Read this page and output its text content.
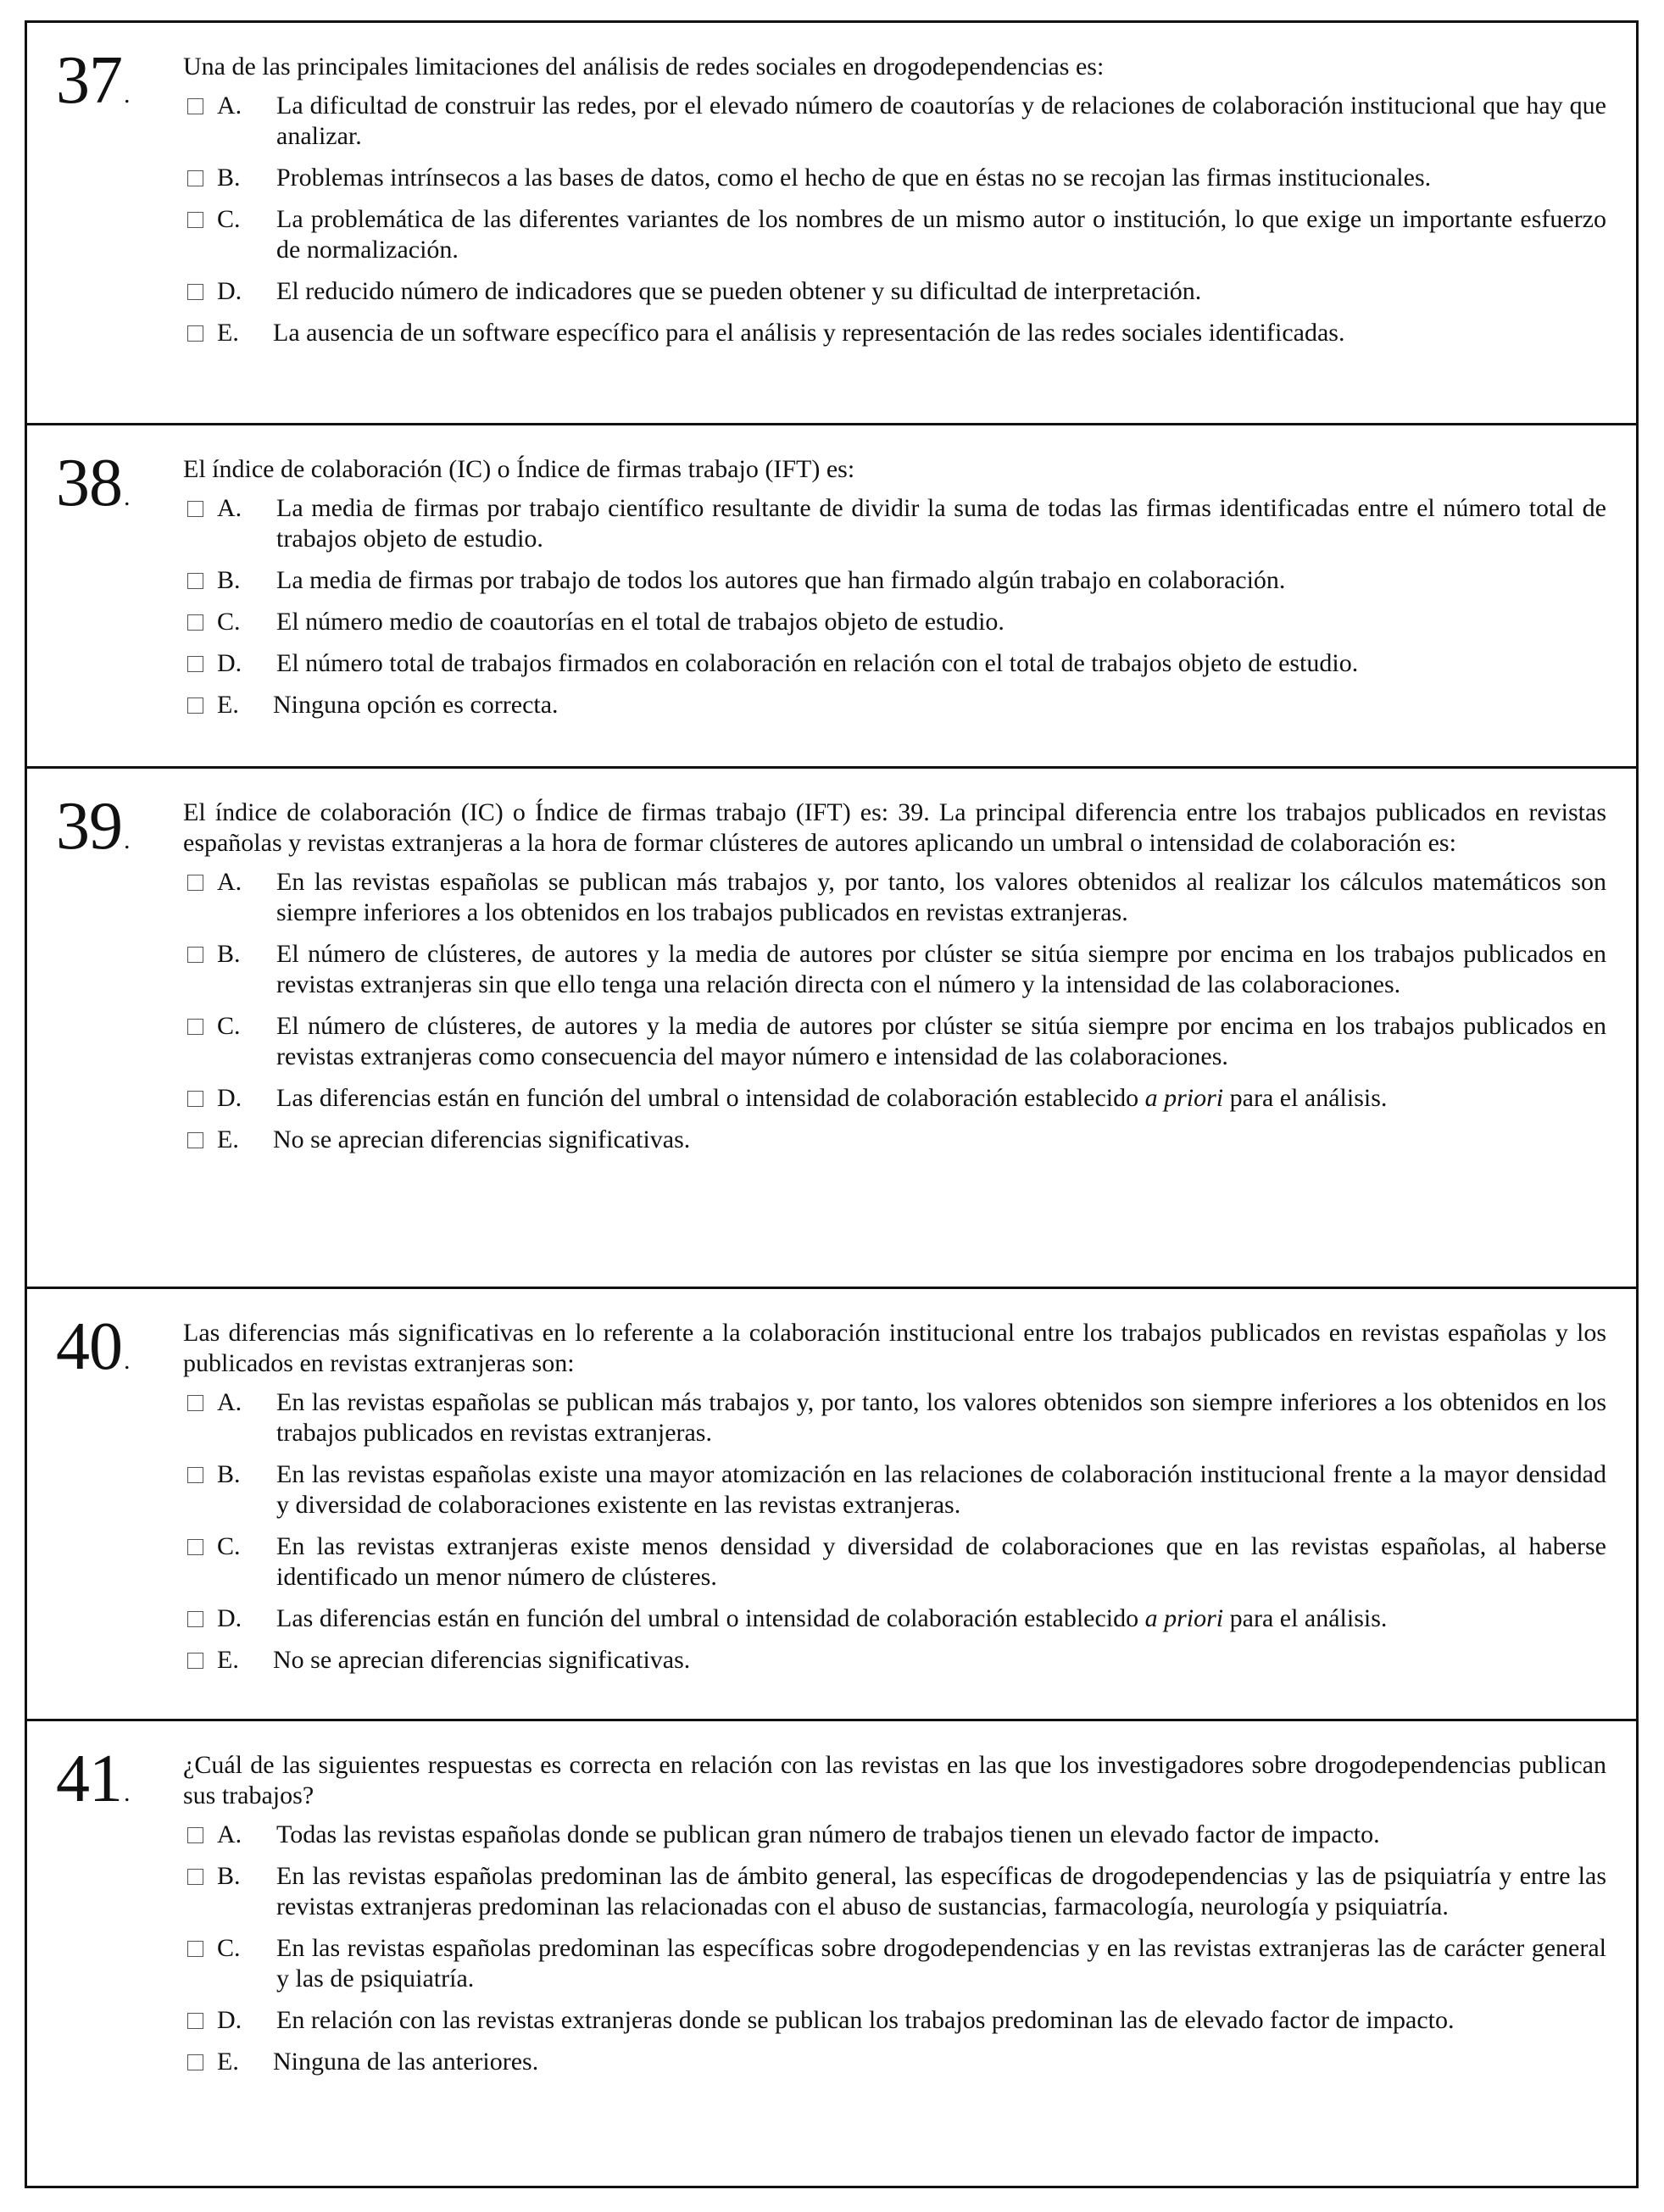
37.

Una de las principales limitaciones del análisis de redes sociales en drogodependencias es:

A. La dificultad de construir las redes, por el elevado número de coautorías y de relaciones de colaboración institucional que hay que analizar.
B. Problemas intrínsecos a las bases de datos, como el hecho de que en éstas no se recojan las firmas institucionales.
C. La problemática de las diferentes variantes de los nombres de un mismo autor o institución, lo que exige un importante esfuerzo de normalización.
D. El reducido número de indicadores que se pueden obtener y su dificultad de interpretación.
E. La ausencia de un software específico para el análisis y representación de las redes sociales identificadas.
38.

El índice de colaboración (IC) o Índice de firmas trabajo (IFT) es:

A. La media de firmas por trabajo científico resultante de dividir la suma de todas las firmas identificadas entre el número total de trabajos objeto de estudio.
B. La media de firmas por trabajo de todos los autores que han firmado algún trabajo en colaboración.
C. El número medio de coautorías en el total de trabajos objeto de estudio.
D. El número total de trabajos firmados en colaboración en relación con el total de trabajos objeto de estudio.
E. Ninguna opción es correcta.
39.

El índice de colaboración (IC) o Índice de firmas trabajo (IFT) es: 39. La principal diferencia entre los trabajos publicados en revistas españolas y revistas extranjeras a la hora de formar clústeres de autores aplicando un umbral o intensidad de colaboración es:

A. En las revistas españolas se publican más trabajos y, por tanto, los valores obtenidos al realizar los cálculos matemáticos son siempre inferiores a los obtenidos en los trabajos publicados en revistas extranjeras.
B. El número de clústeres, de autores y la media de autores por clúster se sitúa siempre por encima en los trabajos publicados en revistas extranjeras sin que ello tenga una relación directa con el número y la intensidad de las colaboraciones.
C. El número de clústeres, de autores y la media de autores por clúster se sitúa siempre por encima en los trabajos publicados en revistas extranjeras como consecuencia del mayor número e intensidad de las colaboraciones.
D. Las diferencias están en función del umbral o intensidad de colaboración establecido a priori para el análisis.
E. No se aprecian diferencias significativas.
40.

Las diferencias más significativas en lo referente a la colaboración institucional entre los trabajos publicados en revistas españolas y los publicados en revistas extranjeras son:

A. En las revistas españolas se publican más trabajos y, por tanto, los valores obtenidos son siempre inferiores a los obtenidos en los trabajos publicados en revistas extranjeras.
B. En las revistas españolas existe una mayor atomización en las relaciones de colaboración institucional frente a la mayor densidad y diversidad de colaboraciones existente en las revistas extranjeras.
C. En las revistas extranjeras existe menos densidad y diversidad de colaboraciones que en las revistas españolas, al haberse identificado un menor número de clústeres.
D. Las diferencias están en función del umbral o intensidad de colaboración establecido a priori para el análisis.
E. No se aprecian diferencias significativas.
41.

¿Cuál de las siguientes respuestas es correcta en relación con las revistas en las que los investigadores sobre drogodependencias publican sus trabajos?

A. Todas las revistas españolas donde se publican gran número de trabajos tienen un elevado factor de impacto.
B. En las revistas españolas predominan las de ámbito general, las específicas de drogodependencias y las de psiquiatría y entre las revistas extranjeras predominan las relacionadas con el abuso de sustancias, farmacología, neurología y psiquiatría.
C. En las revistas españolas predominan las específicas sobre drogodependencias y en las revistas extranjeras las de carácter general y las de psiquiatría.
D. En relación con las revistas extranjeras donde se publican los trabajos predominan las de elevado factor de impacto.
E. Ninguna de las anteriores.
